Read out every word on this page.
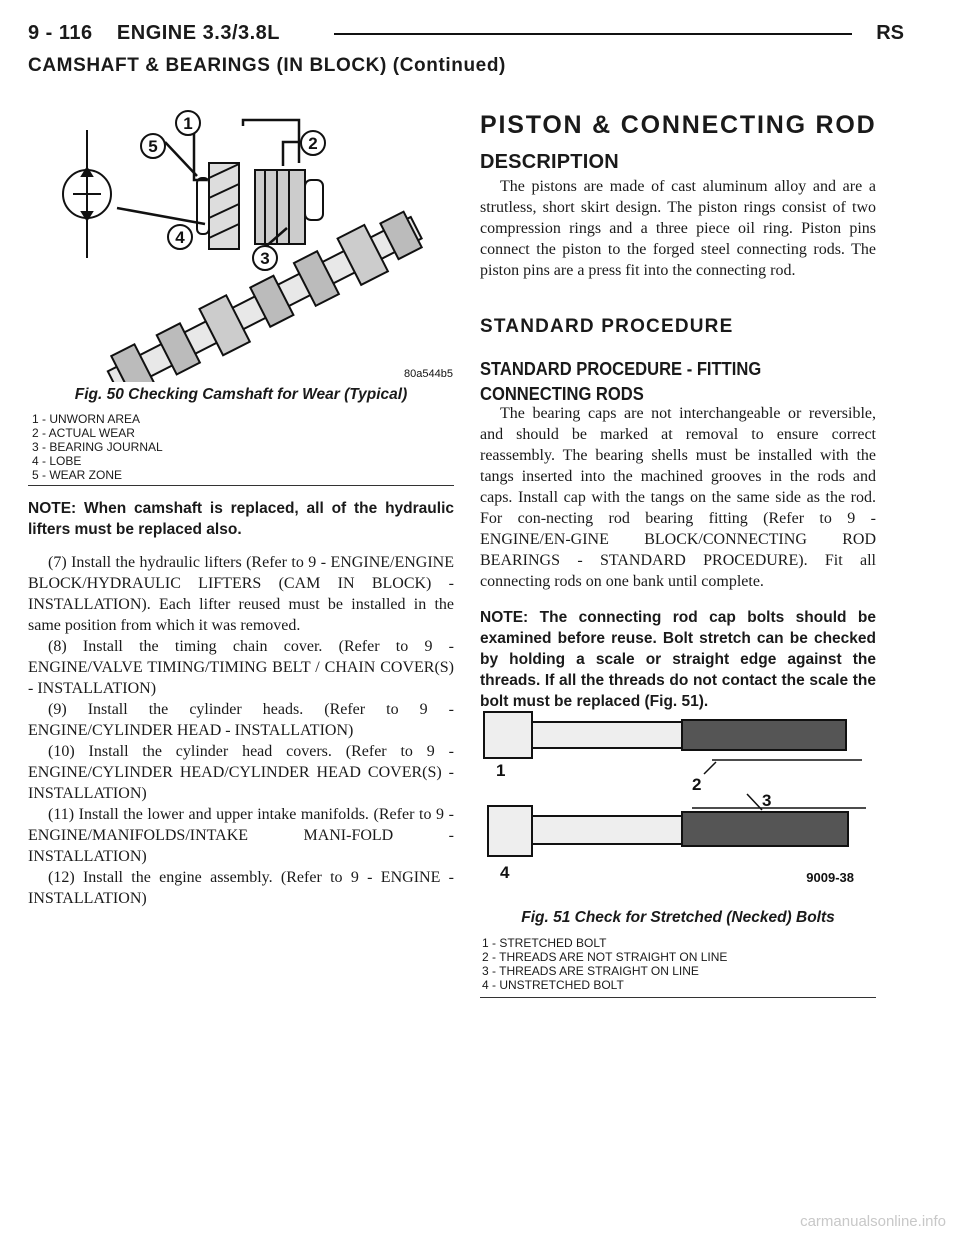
9 - 116 ENGINE 3.3/3.8L	RS
CAMSHAFT & BEARINGS (IN BLOCK) (Continued)
1
2
3
4
5
80a544b5
Fig. 50 Checking Camshaft for Wear (Typical)
1 - UNWORN AREA
2 - ACTUAL WEAR
3 - BEARING JOURNAL
4 - LOBE
5 - WEAR ZONE
NOTE: When camshaft is replaced, all of the hydraulic lifters must be replaced also.

(7) Install the hydraulic lifters (Refer to 9 - ENGINE/ENGINE BLOCK/HYDRAULIC LIFTERS (CAM IN BLOCK) - INSTALLATION). Each lifter reused must be installed in the same position from which it was removed.

(8) Install the timing chain cover. (Refer to 9 - ENGINE/VALVE TIMING/TIMING BELT / CHAIN COVER(S) - INSTALLATION)

(9) Install the cylinder heads. (Refer to 9 - ENGINE/CYLINDER HEAD - INSTALLATION)

(10) Install the cylinder head covers. (Refer to 9 - ENGINE/CYLINDER HEAD/CYLINDER HEAD COVER(S) - INSTALLATION)

(11) Install the lower and upper intake manifolds. (Refer to 9 - ENGINE/MANIFOLDS/INTAKE MANI-FOLD - INSTALLATION)

(12) Install the engine assembly. (Refer to 9 - ENGINE - INSTALLATION)

PISTON & CONNECTING ROD
DESCRIPTION

The pistons are made of cast aluminum alloy and are a strutless, short skirt design. The piston rings consist of two compression rings and a three piece oil ring. Piston pins connect the piston to the forged steel connecting rods. The piston pins are a press fit into the connecting rod.

STANDARD PROCEDURE
STANDARD PROCEDURE - FITTING CONNECTING RODS

The bearing caps are not interchangeable or reversible, and should be marked at removal to ensure correct reassembly. The bearing shells must be installed with the tangs inserted into the machined grooves in the rods and caps. Install cap with the tangs on the same side as the rod. For con-necting rod bearing fitting (Refer to 9 - ENGINE/EN-GINE BLOCK/CONNECTING ROD BEARINGS - STANDARD PROCEDURE). Fit all connecting rods on one bank until complete.

NOTE: The connecting rod cap bolts should be examined before reuse. Bolt stretch can be checked by holding a scale or straight edge against the threads. If all the threads do not contact the scale the bolt must be replaced (Fig. 51).
1
2
3
4	9009-38
Fig. 51 Check for Stretched (Necked) Bolts
1 - STRETCHED BOLT
2 - THREADS ARE NOT STRAIGHT ON LINE
3 - THREADS ARE STRAIGHT ON LINE
4 - UNSTRETCHED BOLT
carmanualsonline.info
